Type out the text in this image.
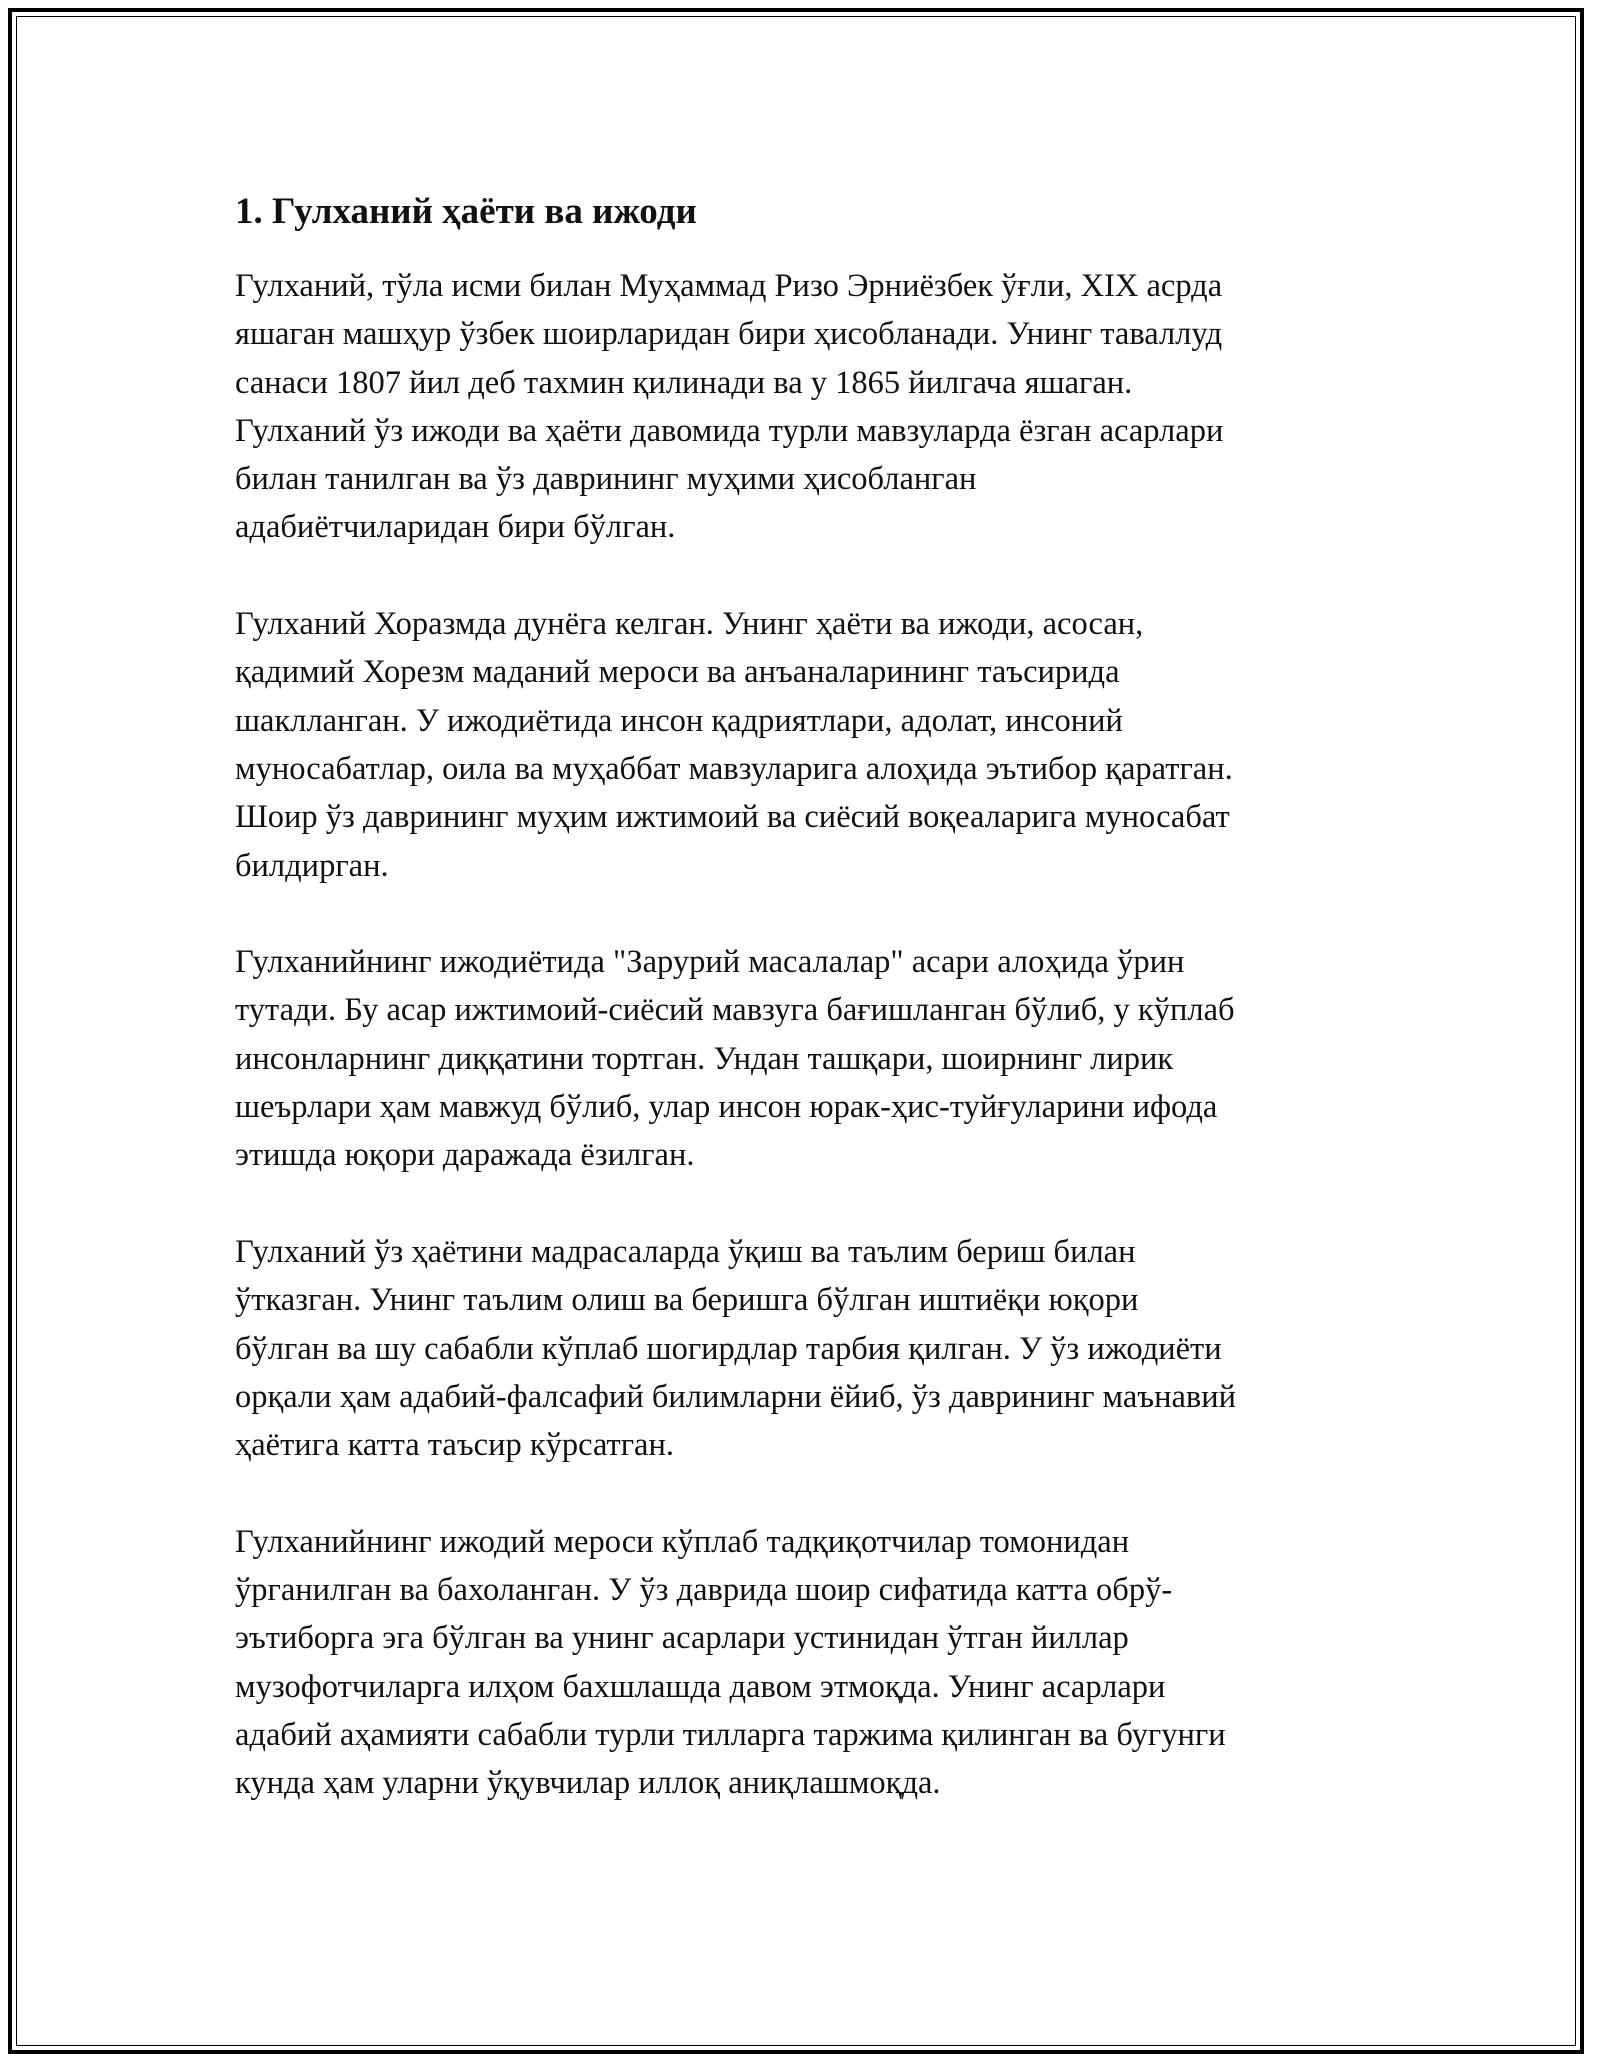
1. Гулханий ҳаёти ва ижоди

Гулханий, тўла исми билан Муҳаммад Ризо Эрниёзбек ўғли, XIX асрда
яшаган машҳур ўзбек шоирларидан бири ҳисобланади. Унинг таваллуд
санаси 1807 йил деб тахмин қилинади ва у 1865 йилгача яшаган.
Гулханий ўз ижоди ва ҳаёти давомида турли мавзуларда ёзган асарлари
билан танилган ва ўз даврининг муҳими ҳисобланган
адабиётчиларидан бири бўлган.

Гулханий Хоразмда дунёга келган. Унинг ҳаёти ва ижоди, асосан,
қадимий Хорезм маданий мероси ва анъаналарининг таъсирида
шаклланган. У ижодиётида инсон қадриятлари, адолат, инсоний
муносабатлар, оила ва муҳаббат мавзуларига алоҳида эътибор қаратган.
Шоир ўз даврининг муҳим ижтимоий ва сиёсий воқеаларига муносабат
билдирган.

Гулханийнинг ижодиётида "Зарурий масалалар" асари алоҳида ўрин
тутади. Бу асар ижтимоий-сиёсий мавзуга бағишланган бўлиб, у кўплаб
инсонларнинг диққатини тортган. Ундан ташқари, шоирнинг лирик
шеърлари ҳам мавжуд бўлиб, улар инсон юрак-ҳис-туйғуларини ифода
этишда юқори даражада ёзилган.

Гулханий ўз ҳаётини мадрасаларда ўқиш ва таълим бериш билан
ўтказган. Унинг таълим олиш ва беришга бўлган иштиёқи юқори
бўлган ва шу сабабли кўплаб шогирдлар тарбия қилган. У ўз ижодиёти
орқали ҳам адабий-фалсафий билимларни ёйиб, ўз даврининг маънавий
ҳаётига катта таъсир кўрсатган.

Гулханийнинг ижодий мероси кўплаб тадқиқотчилар томонидан
ўрганилган ва бахоланган. У ўз даврида шоир сифатида катта обрў-
эътиборга эга бўлган ва унинг асарлари устинидан ўтган йиллар
музофотчиларга илҳом бахшлашда давом этмоқда. Унинг асарлари
адабий аҳамияти сабабли турли тилларга таржима қилинган ва бугунги
кунда ҳам уларни ўқувчилар иллоқ аниқлашмоқда.
